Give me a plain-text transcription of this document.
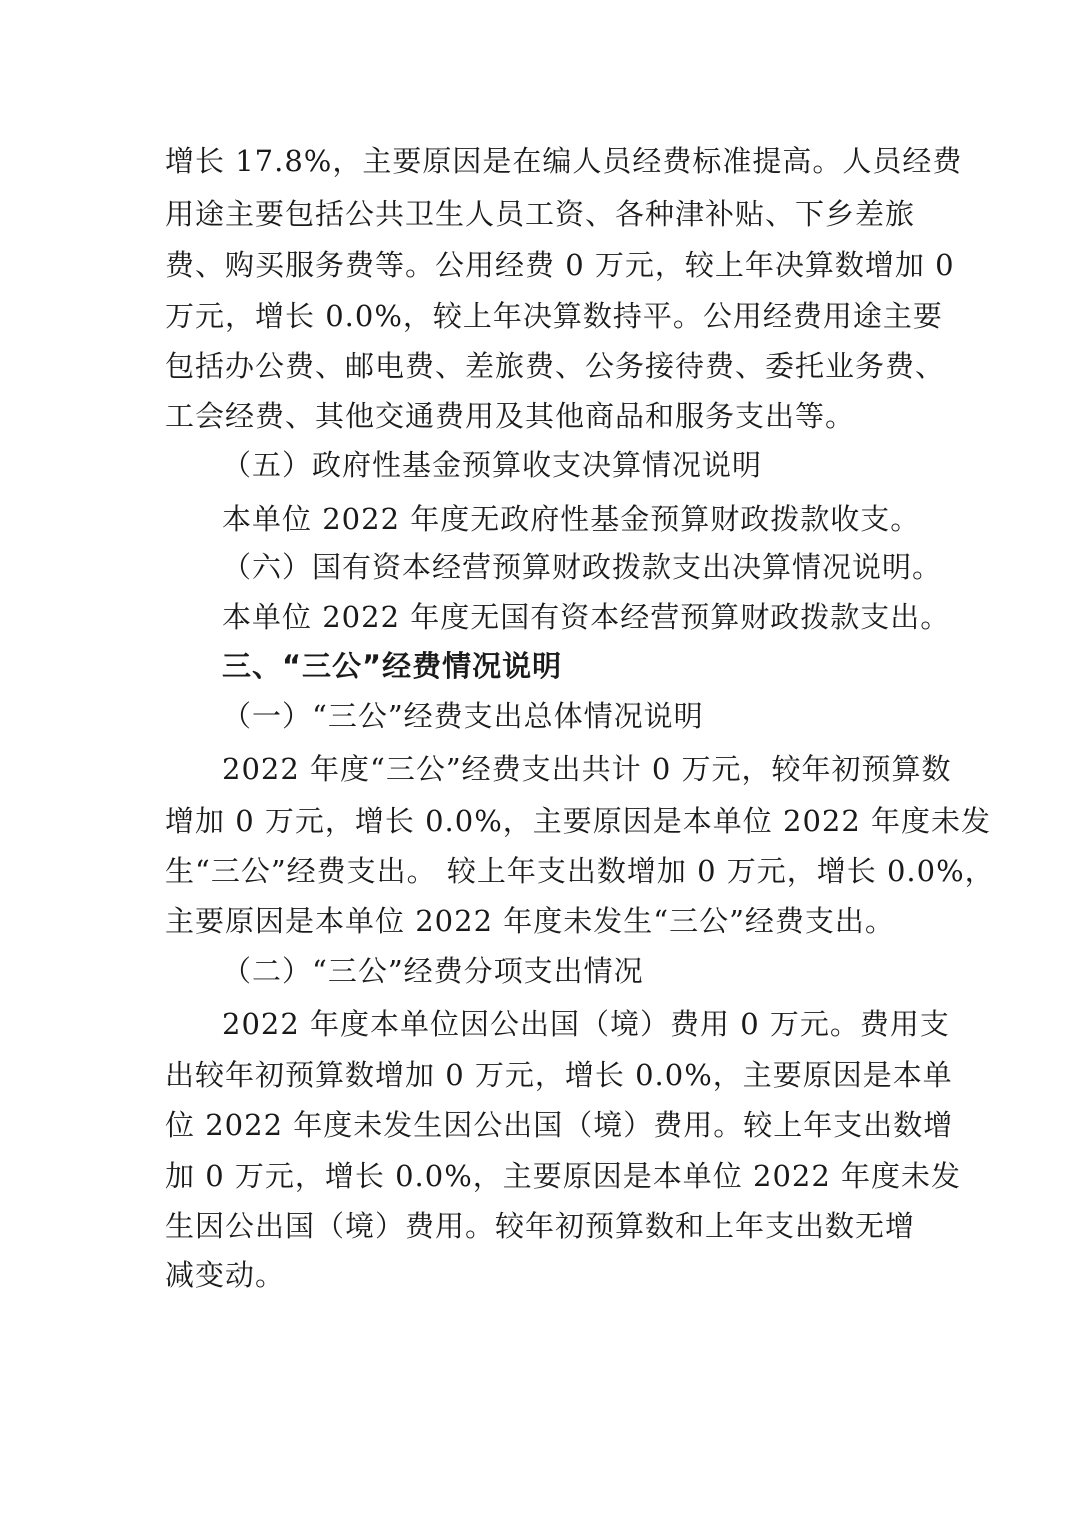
增长 17.8%，主要原因是在编人员经费标准提高。人员经费
用途主要包括公共卫生人员工资、各种津补贴、下乡差旅
费、购买服务费等。公用经费 0 万元，较上年决算数增加 0
万元，增长 0.0%，较上年决算数持平。公用经费用途主要
包括办公费、邮电费、差旅费、公务接待费、委托业务费、
工会经费、其他交通费用及其他商品和服务支出等。
（五）政府性基金预算收支决算情况说明
本单位 2022 年度无政府性基金预算财政拨款收支。
（六）国有资本经营预算财政拨款支出决算情况说明。
本单位 2022 年度无国有资本经营预算财政拨款支出。
三、“三公”经费情况说明
（一）“三公”经费支出总体情况说明
2022 年度“三公”经费支出共计 0 万元，较年初预算数
增加 0 万元，增长 0.0%，主要原因是本单位 2022 年度未发
生“三公”经费支出。 较上年支出数增加 0 万元，增长 0.0%，
主要原因是本单位 2022 年度未发生“三公”经费支出。
（二）“三公”经费分项支出情况
2022 年度本单位因公出国（境）费用 0 万元。费用支
出较年初预算数增加 0 万元，增长 0.0%，主要原因是本单
位 2022 年度未发生因公出国（境）费用。较上年支出数增
加 0 万元，增长 0.0%，主要原因是本单位 2022 年度未发
生因公出国（境）费用。较年初预算数和上年支出数无增
减变动。
